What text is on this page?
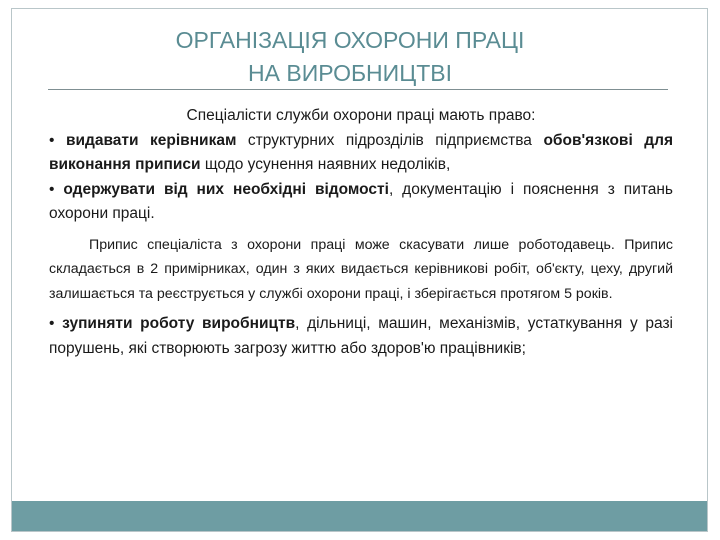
ОРГАНІЗАЦІЯ ОХОРОНИ ПРАЦІ
НА ВИРОБНИЦТВІ

Спеціалісти служби охорони праці мають право:

• видавати керівникам структурних підрозділів підприємства обов'язкові для виконання приписи щодо усунення наявних недоліків,

• одержувати від них необхідні відомості, документацію і пояснення з питань охорони праці.

Припис спеціаліста з охорони праці може скасувати лише роботодавець. Припис складається в 2 примірниках, один з яких видається керівникові робіт, об'єкту, цеху, другий залишається та реєструється у службі охорони праці, і зберігається протягом 5 років.

• зупиняти роботу виробництв, дільниці, машин, механізмів, устаткування у разі порушень, які створюють загрозу життю або здоров'ю працівників;
